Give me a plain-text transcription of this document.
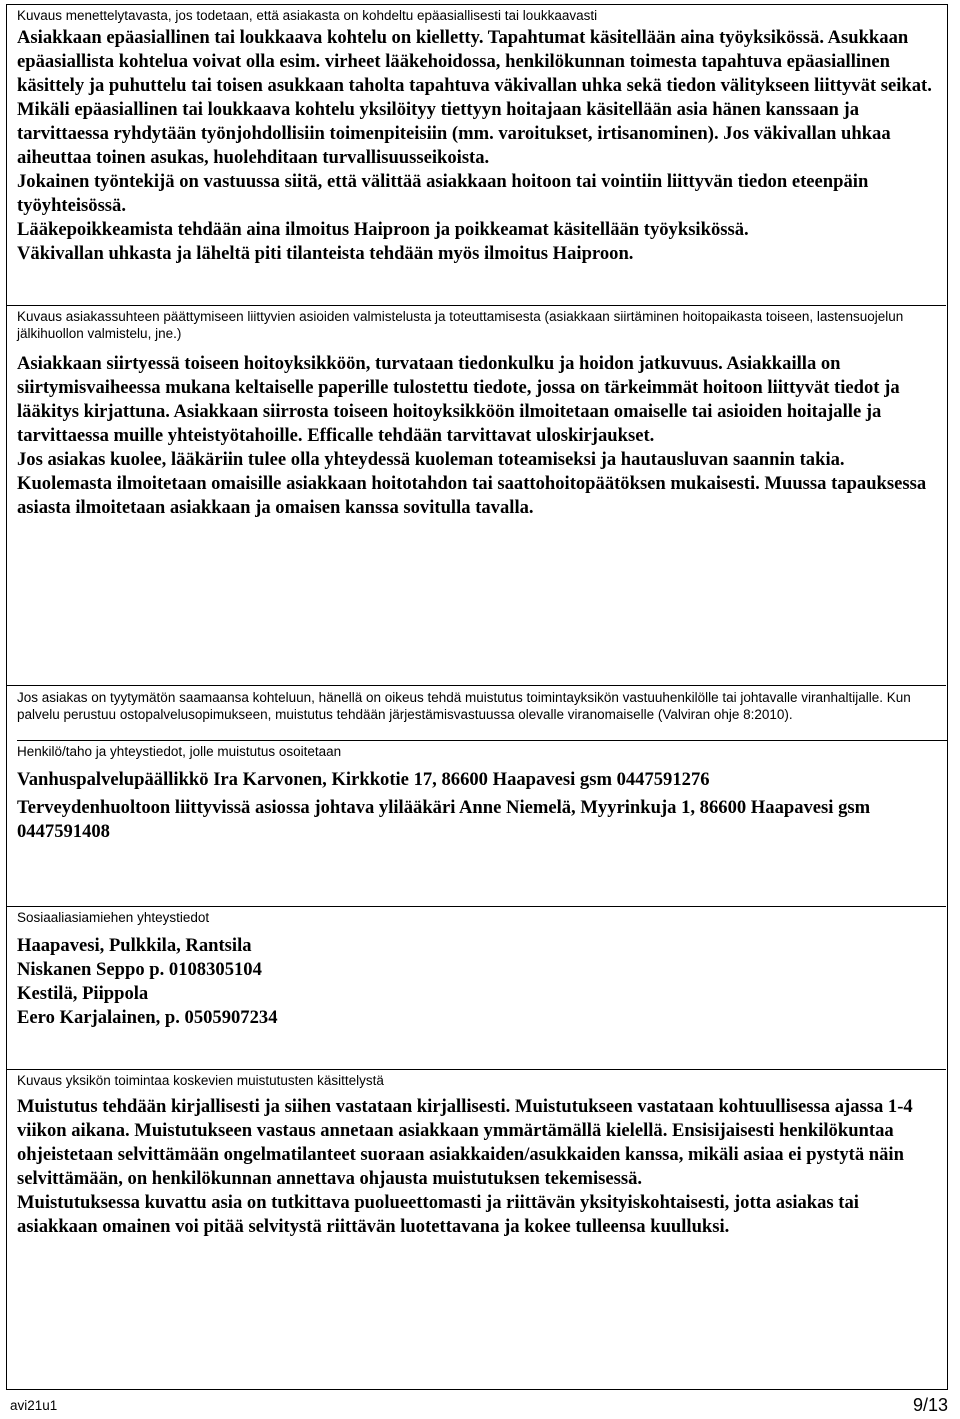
Kuvaus menettelytavasta, jos todetaan, että asiakasta on kohdeltu epäasiallisesti tai loukkaavasti

Asiakkaan epäasiallinen tai loukkaava kohtelu on kielletty. Tapahtumat käsitellään aina työyksikössä. Asukkaan epäasiallista kohtelua voivat olla esim. virheet lääkehoidossa, henkilökunnan toimesta tapahtuva epäasiallinen käsittely ja puhuttelu tai toisen asukkaan taholta tapahtuva väkivallan uhka sekä tiedon välitykseen liittyvät seikat.

Mikäli epäasiallinen tai loukkaava kohtelu yksilöityy tiettyyn hoitajaan käsitellään asia hänen kanssaan ja tarvittaessa ryhdytään työnjohdollisiin toimenpiteisiin (mm. varoitukset, irtisanominen). Jos väkivallan uhkaa aiheuttaa toinen asukas, huolehditaan turvallisuusseikoista.

Jokainen työntekijä on vastuussa siitä, että välittää asiakkaan hoitoon tai vointiin liittyvän tiedon eteenpäin työyhteisössä.

Lääkepoikkeamista tehdään aina ilmoitus Haiproon ja poikkeamat käsitellään työyksikössä.

Väkivallan uhkasta ja läheltä piti tilanteista tehdään myös ilmoitus Haiproon.

Kuvaus asiakassuhteen päättymiseen liittyvien asioiden valmistelusta ja toteuttamisesta (asiakkaan siirtäminen hoitopaikasta toiseen, lastensuojelun jälkihuollon valmistelu, jne.)

Asiakkaan siirtyessä toiseen hoitoyksikköön, turvataan tiedonkulku ja hoidon jatkuvuus. Asiakkailla on siirtymisvaiheessa mukana keltaiselle paperille tulostettu tiedote, jossa on tärkeimmät hoitoon liittyvät tiedot ja lääkitys kirjattuna. Asiakkaan siirrosta toiseen hoitoyksikköön ilmoitetaan omaiselle tai asioiden hoitajalle ja tarvittaessa muille yhteistyötahoille. Efficalle tehdään tarvittavat uloskirjaukset.

Jos asiakas kuolee, lääkäriin tulee olla yhteydessä kuoleman toteamiseksi ja hautausluvan saannin takia. Kuolemasta ilmoitetaan omaisille asiakkaan hoitotahdon tai saattohoitopäätöksen mukaisesti. Muussa tapauksessa asiasta ilmoitetaan asiakkaan ja omaisen kanssa sovitulla tavalla.

Jos asiakas on tyytymätön saamaansa kohteluun, hänellä on oikeus tehdä muistutus toimintayksikön vastuuhenkilölle tai johtavalle viranhaltijalle. Kun palvelu perustuu ostopalvelusopimukseen, muistutus tehdään järjestämisvastuussa olevalle viranomaiselle (Valviran ohje 8:2010).

Henkilö/taho ja yhteystiedot, jolle muistutus osoitetaan

Vanhuspalvelupäällikkö Ira Karvonen, Kirkkotie 17, 86600 Haapavesi gsm 0447591276

Terveydenhuoltoon liittyvissä asiossa johtava ylilääkäri Anne Niemelä, Myyrinkuja 1, 86600 Haapavesi gsm 0447591408

Sosiaaliasiamiehen yhteystiedot

Haapavesi, Pulkkila, Rantsila

Niskanen Seppo p. 0108305104

Kestilä, Piippola

Eero Karjalainen, p. 0505907234

Kuvaus yksikön toimintaa koskevien muistutusten käsittelystä

Muistutus tehdään kirjallisesti ja siihen vastataan kirjallisesti. Muistutukseen vastataan kohtuullisessa ajassa 1-4 viikon aikana. Muistutukseen vastaus annetaan asiakkaan ymmärtämällä kielellä. Ensisijaisesti henkilökuntaa ohjeistetaan selvittämään ongelmatilanteet suoraan asiakkaiden/asukkaiden kanssa, mikäli asiaa ei pystytä näin selvittämään, on henkilökunnan annettava ohjausta muistutuksen tekemisessä.

Muistutuksessa kuvattu asia on tutkittava puolueettomasti ja riittävän yksityiskohtaisesti, jotta asiakas tai asiakkaan omainen voi pitää selvitystä riittävän luotettavana ja kokee tulleensa kuulluksi.

avi21u1	9/13
